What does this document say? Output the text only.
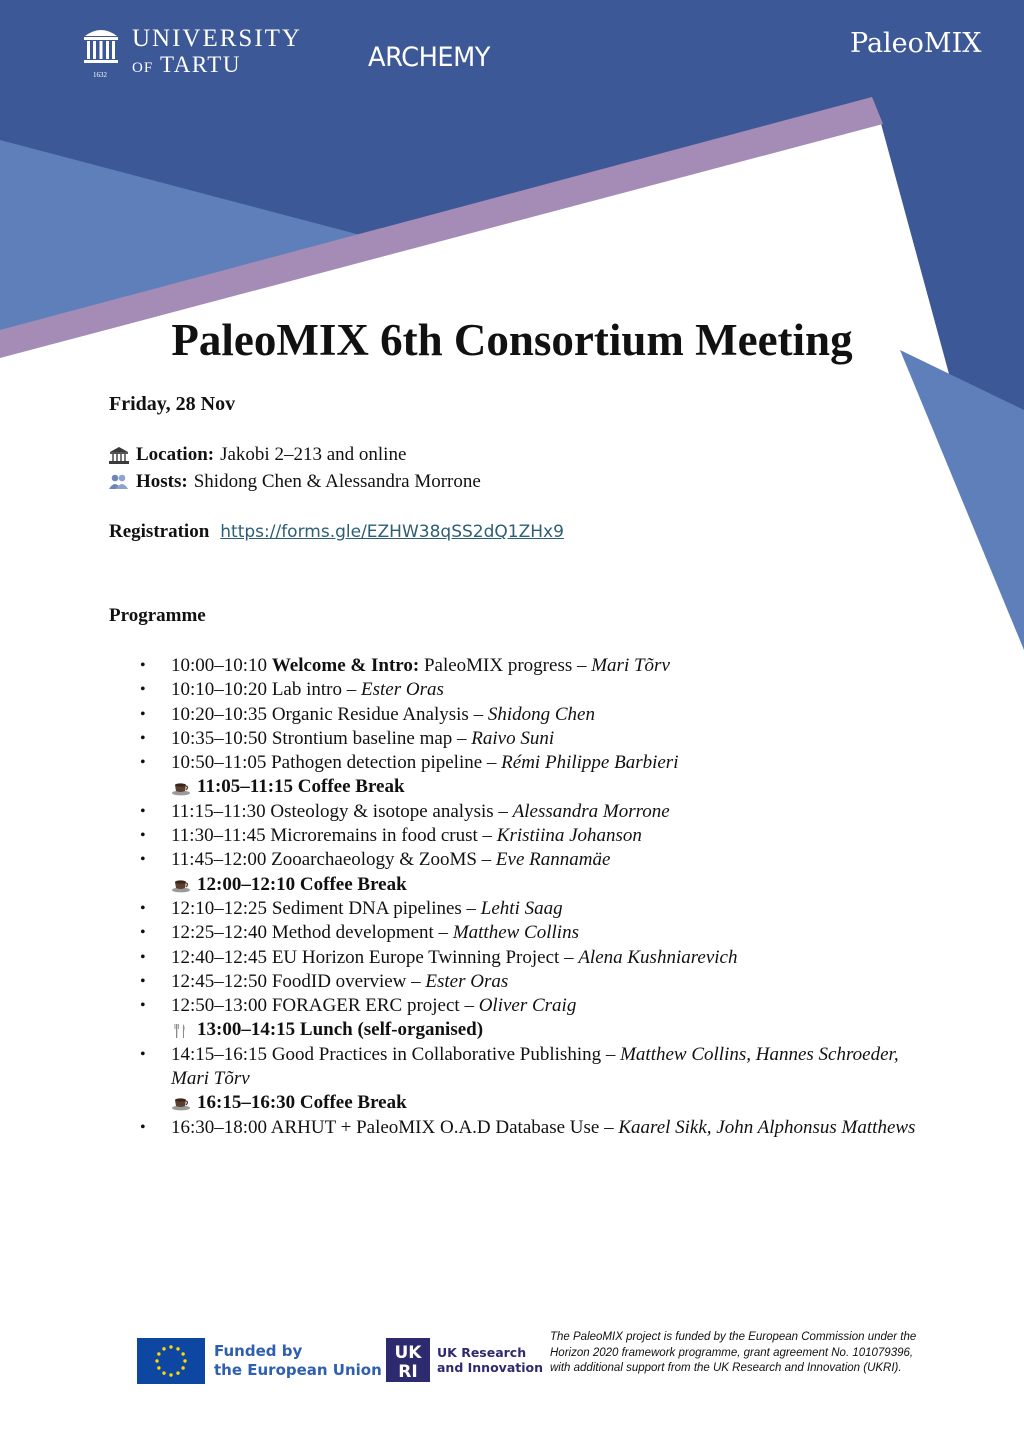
1632
UNIVERSITY
OF TARTU	ARCHEMY	PaleoMIX
PaleoMIX 6th Consortium Meeting
Friday, 28 Nov
Location: Jakobi 2–213 and online
Hosts: Shidong Chen & Alessandra Morrone
Registration https://forms.gle/EZHW38qSS2dQ1ZHx9
Programme
• 10:00–10:10 Welcome & Intro: PaleoMIX progress – Mari Tõrv
• 10:10–10:20 Lab intro – Ester Oras
• 10:20–10:35 Organic Residue Analysis – Shidong Chen
• 10:35–10:50 Strontium baseline map – Raivo Suni
• 10:50–11:05 Pathogen detection pipeline – Rémi Philippe Barbieri
11:05–11:15 Coffee Break
• 11:15–11:30 Osteology & isotope analysis – Alessandra Morrone
• 11:30–11:45 Microremains in food crust – Kristiina Johanson
• 11:45–12:00 Zooarchaeology & ZooMS – Eve Rannamäe
12:00–12:10 Coffee Break
• 12:10–12:25 Sediment DNA pipelines – Lehti Saag
• 12:25–12:40 Method development – Matthew Collins
• 12:40–12:45 EU Horizon Europe Twinning Project – Alena Kushniarevich
• 12:45–12:50 FoodID overview – Ester Oras
• 12:50–13:00 FORAGER ERC project – Oliver Craig
13:00–14:15 Lunch (self-organised)
• 14:15–16:15 Good Practices in Collaborative Publishing – Matthew Collins, Hannes Schroeder, Mari Tõrv
16:15–16:30 Coffee Break
• 16:30–18:00 ARHUT + PaleoMIX O.A.D Database Use – Kaarel Sikk, John Alphonsus Matthews
Funded by
the European Union
UK
RI
UK Research
and Innovation
The PaleoMIX project is funded by the European Commission under the Horizon 2020 framework programme, grant agreement No. 101079396, with additional support from the UK Research and Innovation (UKRI).
